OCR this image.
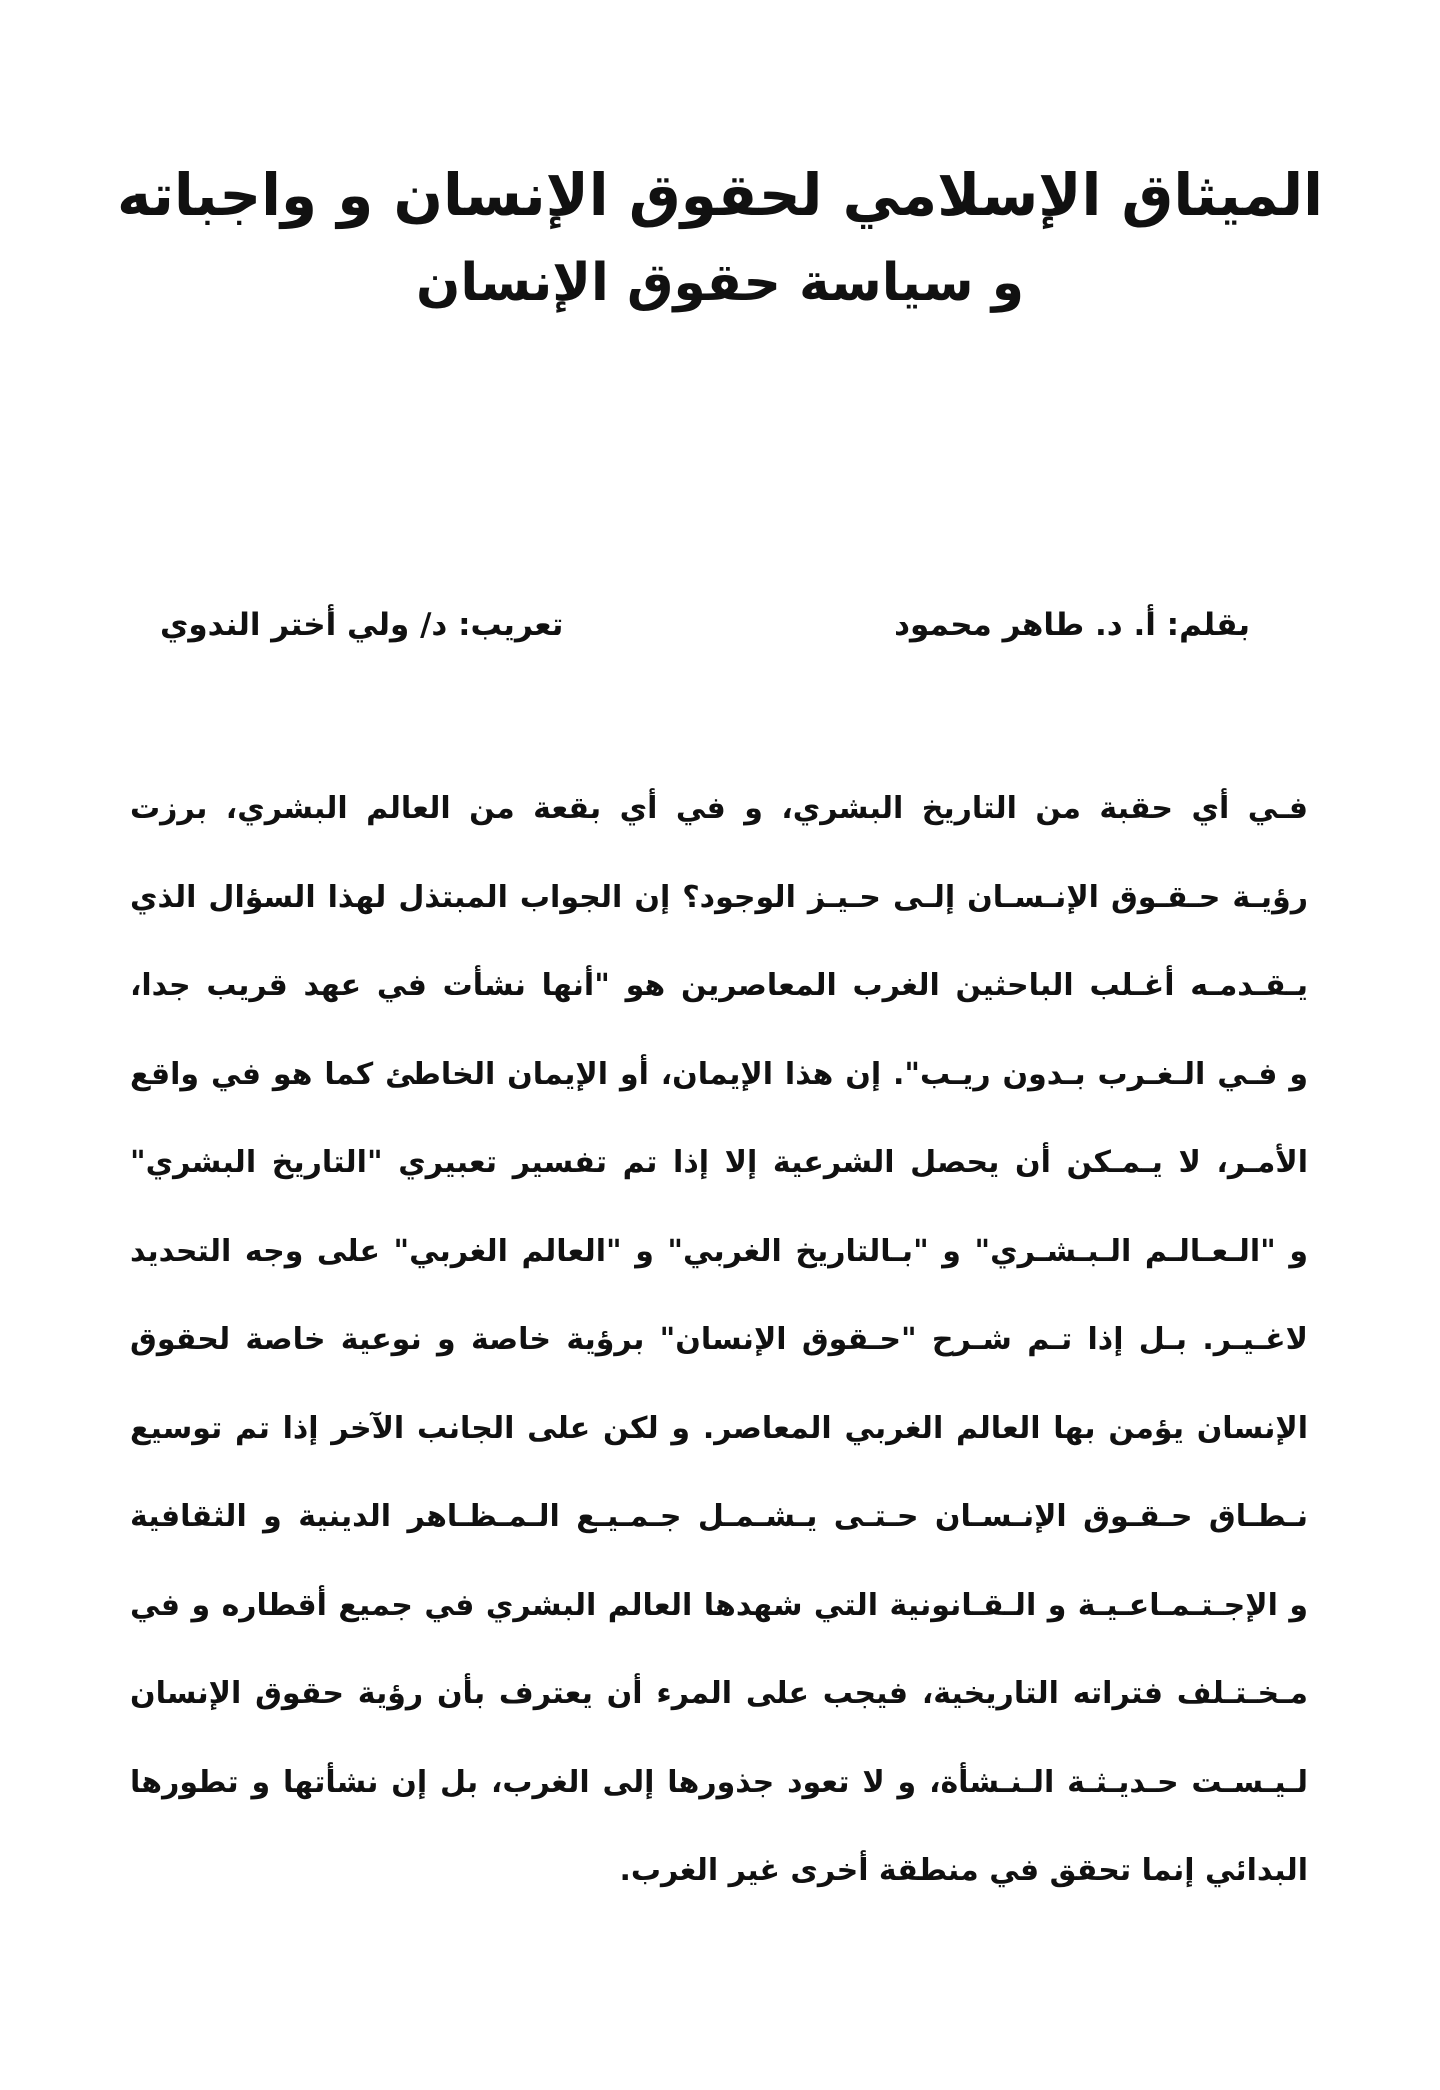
الميثاق الإسلامي لحقوق الإنسان و واجباته
و سياسة حقوق الإنسان
بقلم: أ. د. طاهر محمود
تعريب: د/ ولي أختر الندوي
فـي أي حقبة من التاريخ البشري، و في أي بقعة من العالم البشري، برزت
رؤيـة حـقـوق الإنـسـان إلـى حـيـز الوجود؟ إن الجواب المبتذل لهذا السؤال الذي
يـقـدمـه أغـلب الباحثين الغرب المعاصرين هو "أنها نشأت في عهد قريب جدا،
و فـي الـغـرب بـدون ريـب". إن هذا الإيمان، أو الإيمان الخاطئ كما هو في واقع
الأمـر، لا يـمـكن أن يحصل الشرعية إلا إذا تم تفسير تعبيري "التاريخ البشري"
و "الـعـالـم الـبـشـري" و "بـالتاريخ الغربي" و "العالم الغربي" على وجه التحديد
لاغـيـر. بـل إذا تـم شـرح "حـقوق الإنسان" برؤية خاصة و نوعية خاصة لحقوق
الإنسان يؤمن بها العالم الغربي المعاصر. و لكن على الجانب الآخر إذا تم توسيع
نـطـاق حـقـوق الإنـسـان حـتـى يـشـمـل جـمـيـع الـمـظـاهر الدينية و الثقافية
و الإجـتـمـاعـيـة و الـقـانونية التي شهدها العالم البشري في جميع أقطاره و في
مـخـتـلف فتراته التاريخية، فيجب على المرء أن يعترف بأن رؤية حقوق الإنسان
لـيـسـت حـديـثـة الـنـشأة، و لا تعود جذورها إلى الغرب، بل إن نشأتها و تطورها
البدائي إنما تحقق في منطقة أخرى غير الغرب.
